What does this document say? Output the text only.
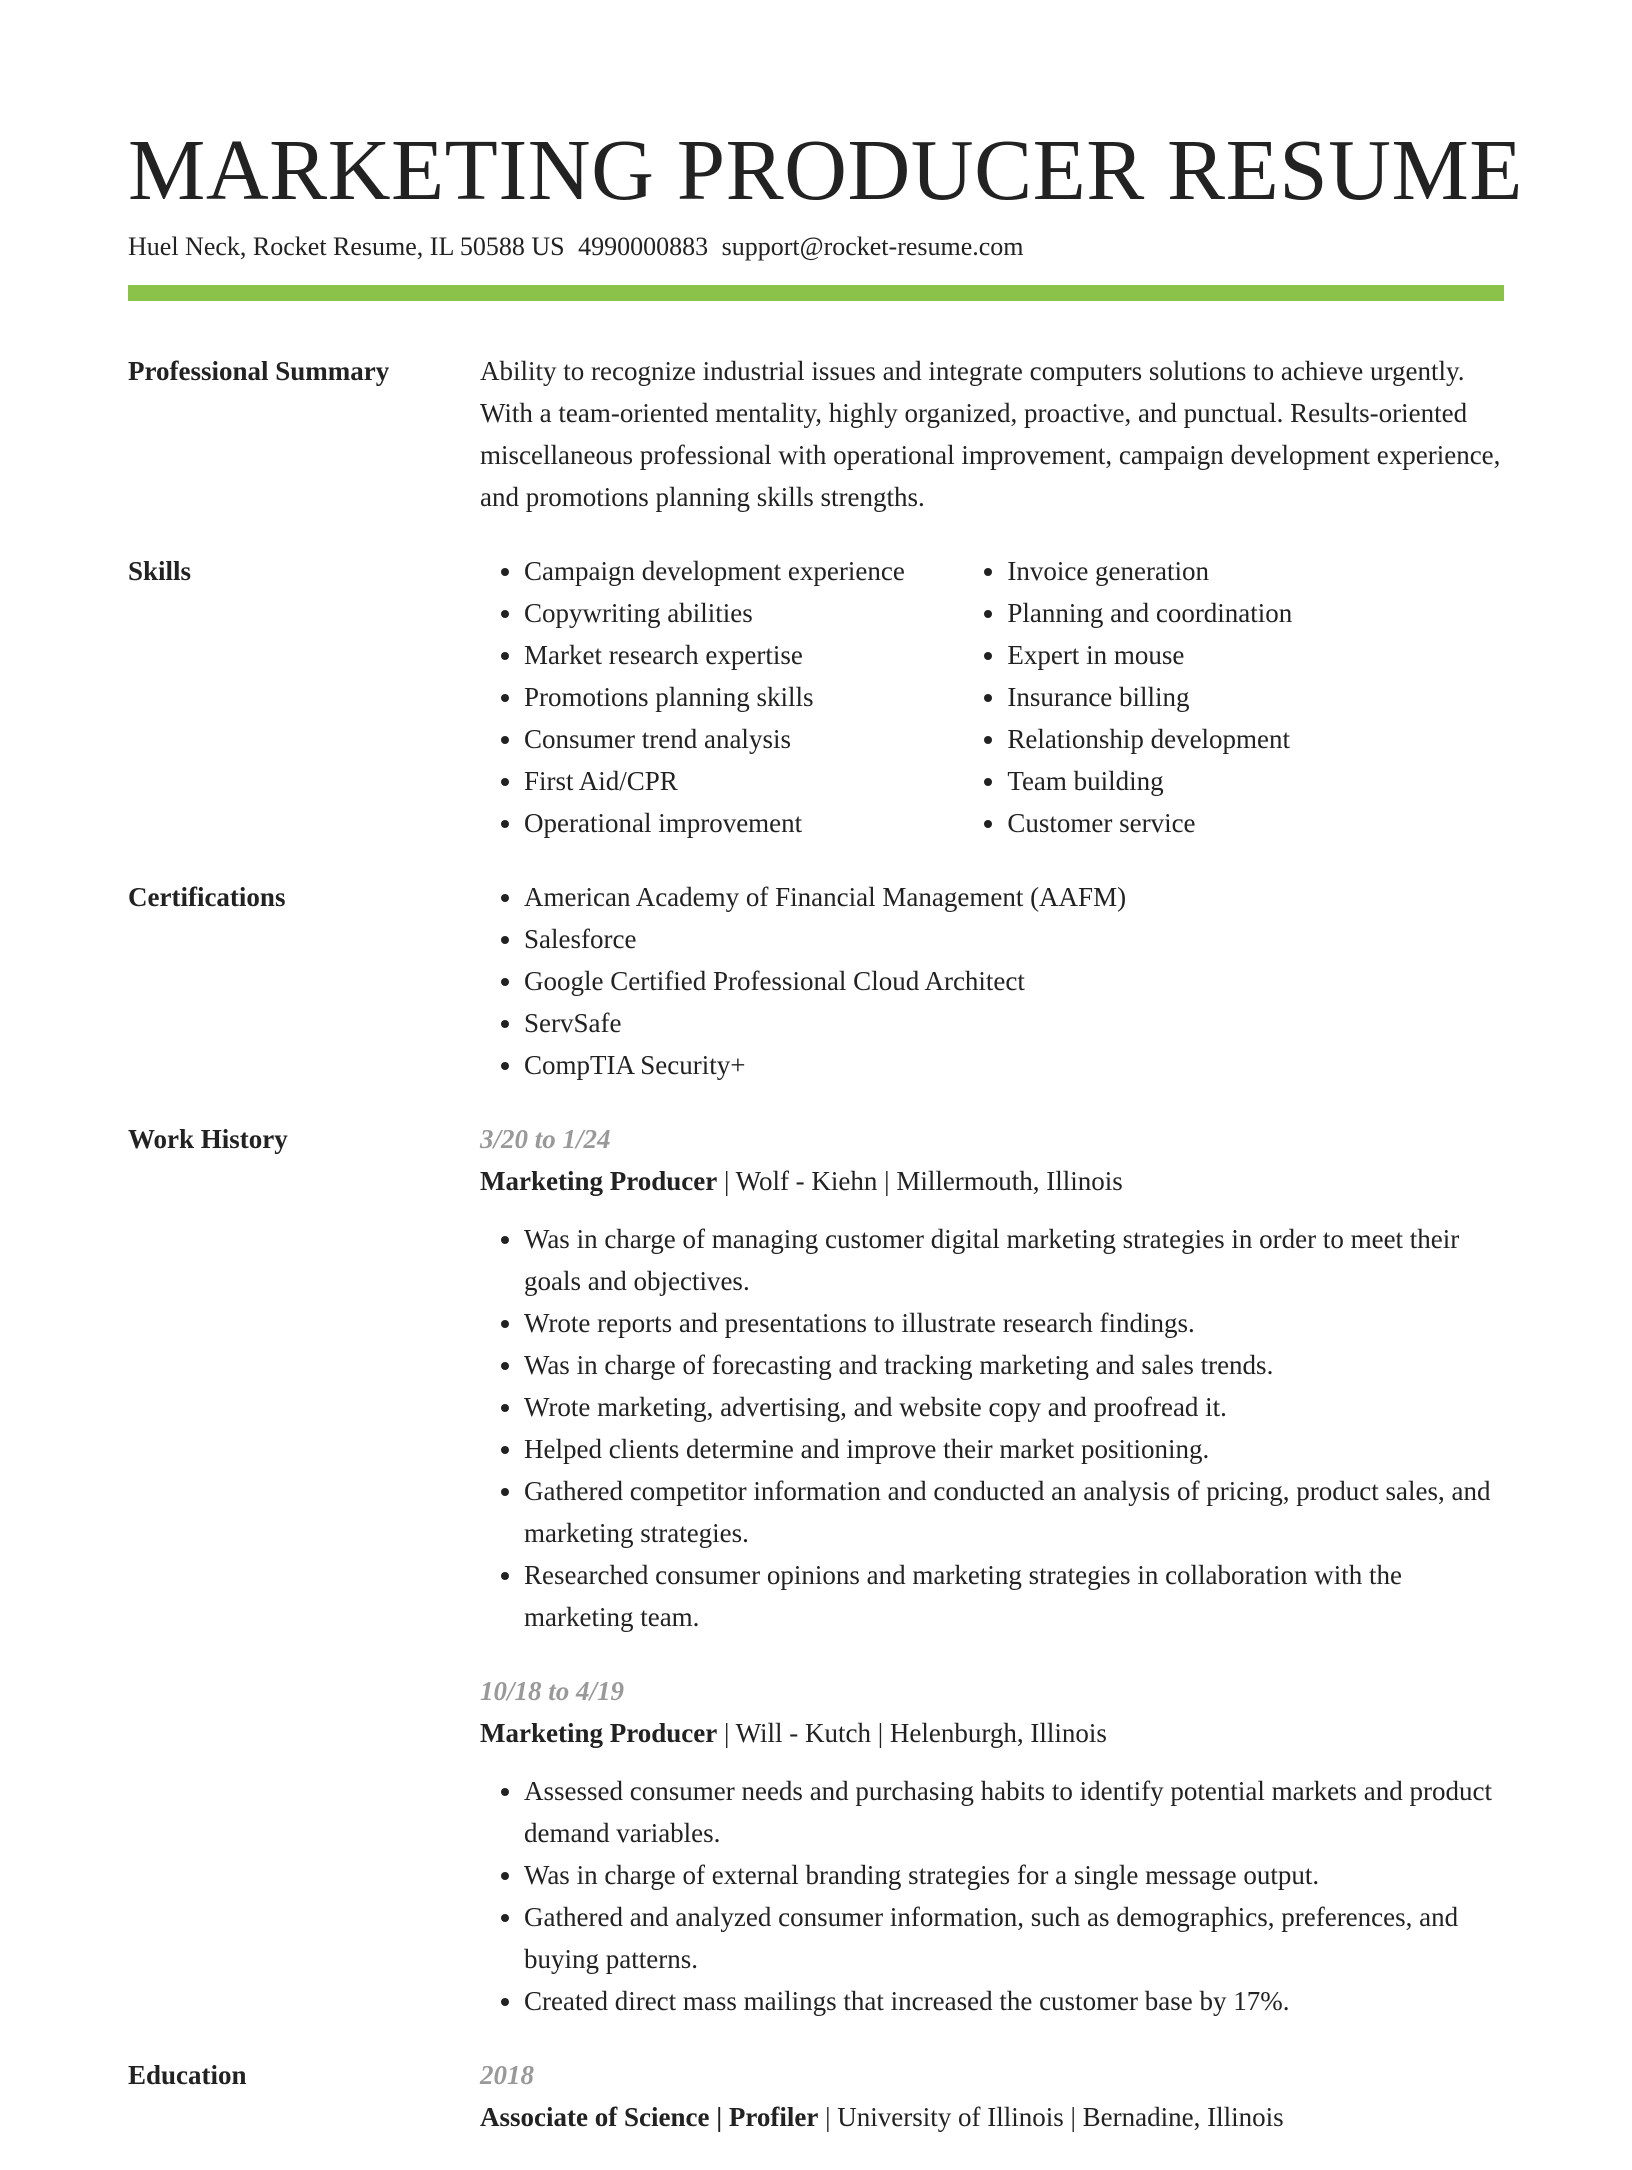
MARKETING PRODUCER RESUME
Huel Neck, Rocket Resume, IL 50588 US 4990000883 support@rocket-resume.com
Professional Summary	Ability to recognize industrial issues and integrate computers solutions to achieve urgently. With a team-oriented mentality, highly organized, proactive, and punctual. Results-oriented miscellaneous professional with operational improvement, campaign development experience, and promotions planning skills strengths.

Skills	• Campaign development experience
• Copywriting abilities
• Market research expertise
• Promotions planning skills
• Consumer trend analysis
• First Aid/CPR
• Operational improvement
• Invoice generation
• Planning and coordination
• Expert in mouse
• Insurance billing
• Relationship development
• Team building
• Customer service
Certifications	• American Academy of Financial Management (AAFM)
• Salesforce
• Google Certified Professional Cloud Architect
• ServSafe
• CompTIA Security+
Work History	3/20 to 1/24
Marketing Producer | Wolf - Kiehn | Millermouth, Illinois
• Was in charge of managing customer digital marketing strategies in order to meet their goals and objectives.
• Wrote reports and presentations to illustrate research findings.
• Was in charge of forecasting and tracking marketing and sales trends.
• Wrote marketing, advertising, and website copy and proofread it.
• Helped clients determine and improve their market positioning.
• Gathered competitor information and conducted an analysis of pricing, product sales, and marketing strategies.
• Researched consumer opinions and marketing strategies in collaboration with the marketing team.
10/18 to 4/19
Marketing Producer | Will - Kutch | Helenburgh, Illinois
• Assessed consumer needs and purchasing habits to identify potential markets and product demand variables.
• Was in charge of external branding strategies for a single message output.
• Gathered and analyzed consumer information, such as demographics, preferences, and buying patterns.
• Created direct mass mailings that increased the customer base by 17%.
Education	2018
Associate of Science | Profiler | University of Illinois | Bernadine, Illinois
